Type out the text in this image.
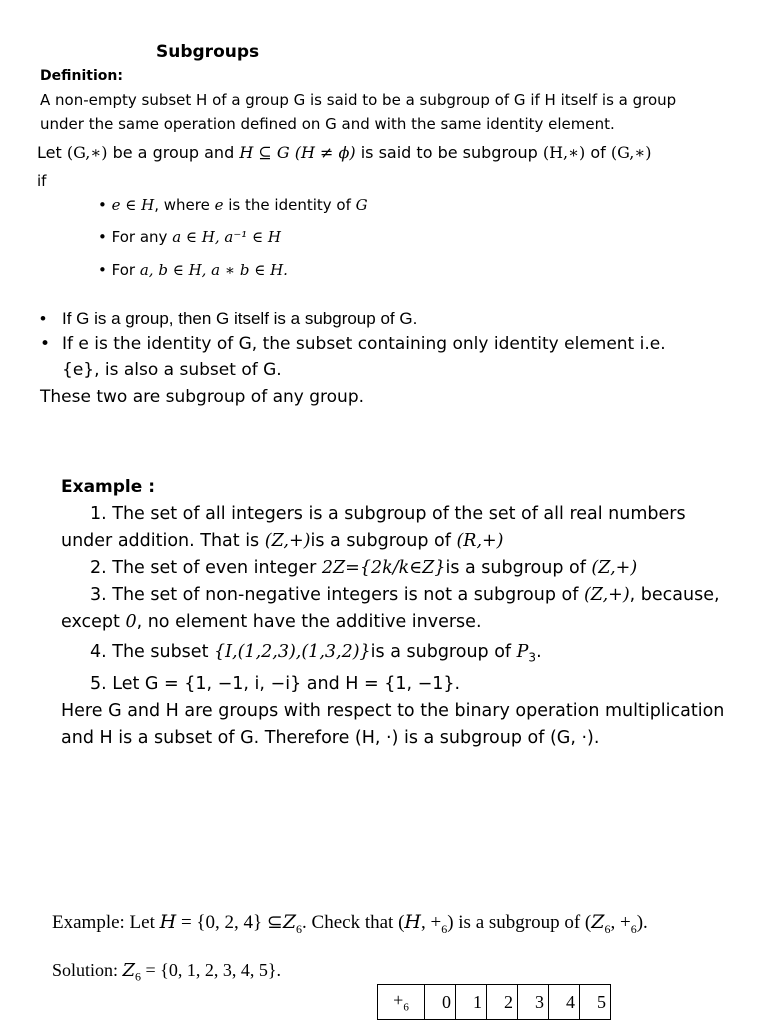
Subgroups
Definition:
A non-empty subset H of a group G is said to be a subgroup of G if H itself is a group
under the same operation defined on G and with the same identity element.
Let (G,∗) be a group and H ⊆ G (H ≠ ϕ) is said to be subgroup (H,∗) of (G,∗)
if
• e ∈ H, where e is the identity of G
• For any a ∈ H, a⁻¹ ∈ H
• For a, b ∈ H, a ∗ b ∈ H.
• If G is a group, then G itself is a subgroup of G.
• If e is the identity of G, the subset containing only identity element i.e.
{e}, is also a subset of G.
These two are subgroup of any group.
Example :
1. The set of all integers is a subgroup of the set of all real numbers
under addition. That is (Z,+)is a subgroup of (R,+)
2. The set of even integer 2Z={2k/k∈Z}is a subgroup of (Z,+)
3. The set of non-negative integers is not a subgroup of (Z,+), because,
except 0, no element have the additive inverse.
4. The subset {I,(1,2,3),(1,3,2)}is a subgroup of $P_3$.
5. Let G = {1, −1, i, −i} and H = {1, −1}.
Here G and H are groups with respect to the binary operation multiplication
and H is a subset of G. Therefore (H, ·) is a subgroup of (G, ·).
Example: Let H = {0, 2, 4} $⊆Z_6$. Check that (H, $+_6$) is a subgroup of ($Z_6$, $+_6$).
Solution: $Z_6 = \{0$, 1, 2, 3, 4, 5}.
$+_6$	0	1	2	3	4	5
